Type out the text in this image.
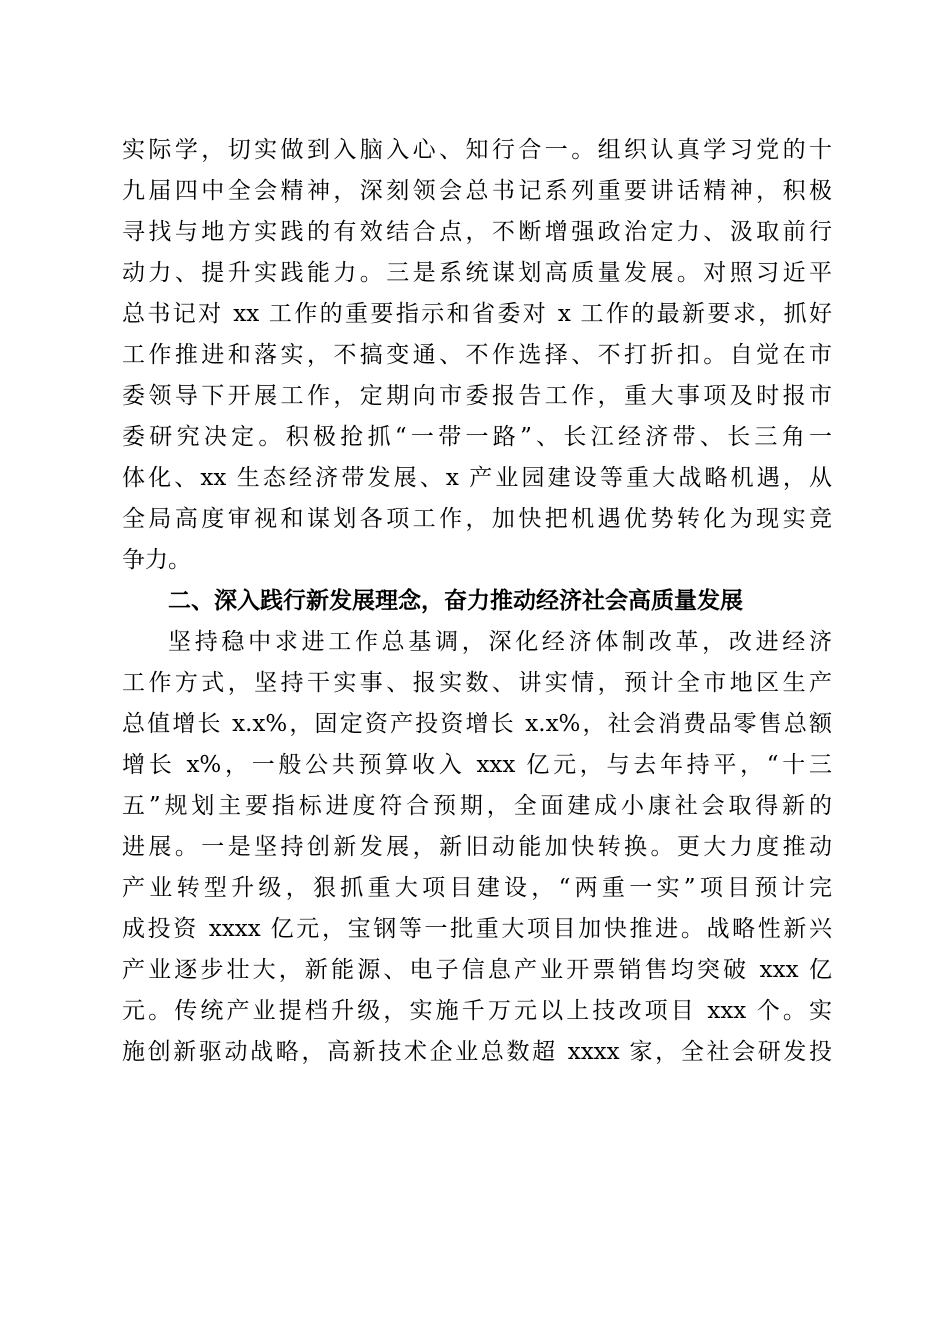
实际学，切实做到入脑入心、知行合一。组织认真学习党的十
九届四中全会精神，深刻领会总书记系列重要讲话精神，积极
寻找与地方实践的有效结合点，不断增强政治定力、汲取前行
动力、提升实践能力。三是系统谋划高质量发展。对照习近平
总书记对 xx 工作的重要指示和省委对 x 工作的最新要求，抓好
工作推进和落实，不搞变通、不作选择、不打折扣。自觉在市
委领导下开展工作，定期向市委报告工作，重大事项及时报市
委研究决定。积极抢抓“一带一路”、长江经济带、长三角一
体化、xx 生态经济带发展、x 产业园建设等重大战略机遇，从
全局高度审视和谋划各项工作，加快把机遇优势转化为现实竞
争力。
二、深入践行新发展理念，奋力推动经济社会高质量发展
坚持稳中求进工作总基调，深化经济体制改革，改进经济
工作方式，坚持干实事、报实数、讲实情，预计全市地区生产
总值增长 x.x%，固定资产投资增长 x.x%，社会消费品零售总额
增长 x%，一般公共预算收入 xxx 亿元，与去年持平，“十三
五”规划主要指标进度符合预期，全面建成小康社会取得新的
进展。一是坚持创新发展，新旧动能加快转换。更大力度推动
产业转型升级，狠抓重大项目建设，“两重一实”项目预计完
成投资 xxxx 亿元，宝钢等一批重大项目加快推进。战略性新兴
产业逐步壮大，新能源、电子信息产业开票销售均突破 xxx 亿
元。传统产业提档升级，实施千万元以上技改项目 xxx 个。实
施创新驱动战略，高新技术企业总数超 xxxx 家，全社会研发投
